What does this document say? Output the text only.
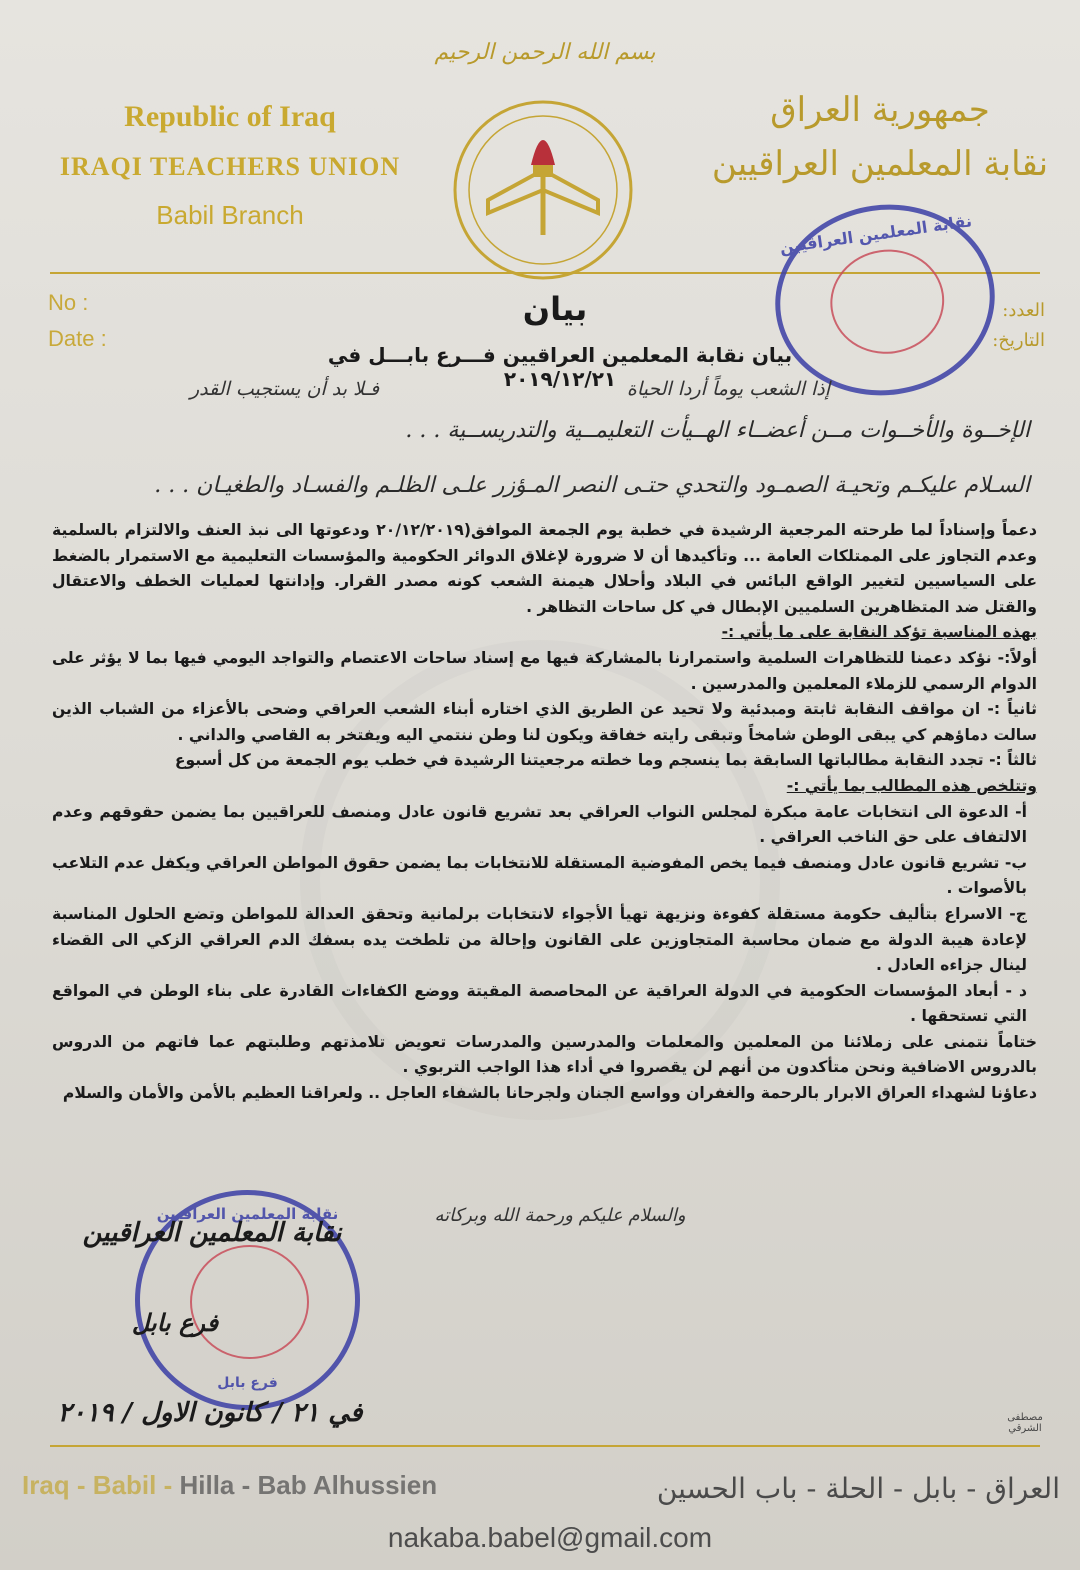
بسم الله الرحمن الرحيم
Republic of Iraq
IRAQI TEACHERS UNION
Babil Branch
جمهورية العراق
نقابة المعلمين العراقيين
No :
Date :
العدد:
التاريخ:
نقابة المعلمين العراقيين
بيان
بيان نقابة المعلمين العراقيين فـــرع بابـــل في ٢٠١٩/١٢/٢١ إذا الشعب يوماً أردا الحياة
فـلا بد أن يستجيب القدر
الإخــوة والأخــوات مــن أعضــاء الهــيأت التعليمــية والتدريســية . . .
السـلام عليكـم وتحيـة الصمـود والتحدي حتـى النصر المـؤزر علـى الظلـم والفسـاد والطغيـان . . .

دعماً وإسناداً لما طرحته المرجعية الرشيدة في خطبة يوم الجمعة الموافق(٢٠/١٢/٢٠١٩ ودعوتها الى نبذ العنف والالتزام بالسلمية وعدم التجاوز على الممتلكات العامة ... وتأكيدها أن لا ضرورة لإغلاق الدوائر الحكومية والمؤسسات التعليمية مع الاستمرار بالضغط على السياسيين لتغيير الواقع البائس في البلاد وأحلال هيمنة الشعب كونه مصدر القرار. وإدانتها لعمليات الخطف والاعتقال والقتل ضد المتظاهرين السلميين الإبطال في كل ساحات التظاهر .

بهذه المناسبة تؤكد النقابة على ما يأتي :-

أولاً:- نؤكد دعمنا للتظاهرات السلمية واستمرارنا بالمشاركة فيها مع إسناد ساحات الاعتصام والتواجد اليومي فيها بما لا يؤثر على الدوام الرسمي للزملاء المعلمين والمدرسين .

ثانياً :- ان مواقف النقابة ثابتة ومبدئية ولا تحيد عن الطريق الذي اختاره أبناء الشعب العراقي وضحى بالأعزاء من الشباب الذين سالت دماؤهم كي يبقى الوطن شامخاً وتبقى رايته خفاقة ويكون لنا وطن ننتمي اليه ويفتخر به القاصي والداني .

ثالثاً :- تجدد النقابة مطالباتها السابقة بما ينسجم وما خطته مرجعيتنا الرشيدة في خطب يوم الجمعة من كل أسبوع

وتتلخص هذه المطالب بما يأتي :-

أ- الدعوة الى انتخابات عامة مبكرة لمجلس النواب العراقي بعد تشريع قانون عادل ومنصف للعراقيين بما يضمن حقوقهم وعدم الالتفاف على حق الناخب العراقي .

ب- تشريع قانون عادل ومنصف فيما يخص المفوضية المستقلة للانتخابات بما يضمن حقوق المواطن العراقي ويكفل عدم التلاعب بالأصوات .

ج- الاسراع بتأليف حكومة مستقلة كفوءة ونزيهة تهيأ الأجواء لانتخابات برلمانية وتحقق العدالة للمواطن وتضع الحلول المناسبة لإعادة هيبة الدولة مع ضمان محاسبة المتجاوزين على القانون وإحالة من تلطخت يده بسفك الدم العراقي الزكي الى القضاء لينال جزاءه العادل .

د - أبعاد المؤسسات الحكومية في الدولة العراقية عن المحاصصة المقيتة ووضع الكفاءات القادرة على بناء الوطن في المواقع التي تستحقها .

ختاماً نتمنى على زملائنا من المعلمين والمعلمات والمدرسين والمدرسات تعويض تلامذتهم وطلبتهم عما فاتهم من الدروس بالدروس الاضافية ونحن متأكدون من أنهم لن يقصروا في أداء هذا الواجب التربوي .

دعاؤنا لشهداء العراق الابرار بالرحمة والغفران وواسع الجنان ولجرحانا بالشفاء العاجل .. ولعراقنا العظيم بالأمن والأمان والسلام

والسلام عليكم ورحمة الله وبركاته
نقابة المعلمين العراقيين
فرع بابل
نقابة المعلمين العراقيين
فرع بابل
في ٢١ / كانون الاول / ٢٠١٩	مصطفى الشرقي
Iraq - Babil - Hilla - Bab Alhussien	العراق - بابل - الحلة - باب الحسين
nakaba.babel@gmail.com
